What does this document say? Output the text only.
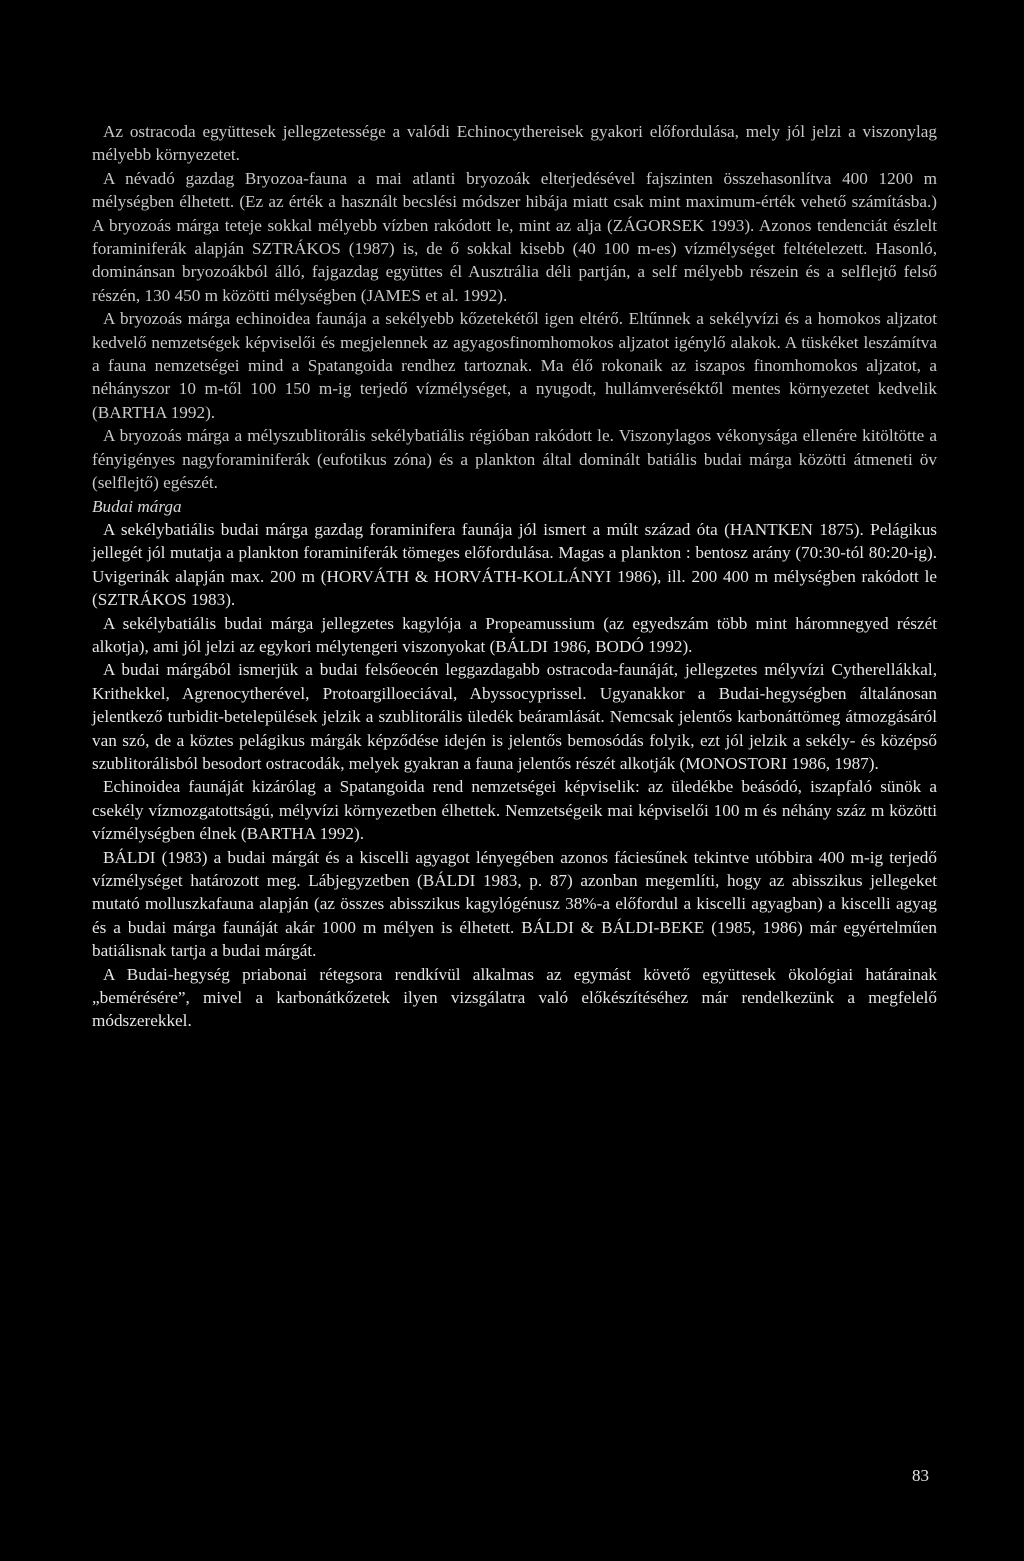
Az ostracoda együttesek jellegzetessége a valódi Echinocythereisek gyakori előfordulása, mely jól jelzi a viszonylag mélyebb környezetet.

A névadó gazdag Bryozoa-fauna a mai atlanti bryozoák elterjedésével fajszinten összehasonlítva 400 1200 m mélységben élhetett. (Ez az érték a használt becslési módszer hibája miatt csak mint maximum-érték vehető számításba.) A bryozoás márga teteje sokkal mélyebb vízben rakódott le, mint az alja (ZÁGORSEK 1993). Azonos tendenciát észlelt foraminiferák alapján SZTRÁKOS (1987) is, de ő sokkal kisebb (40 100 m-es) vízmélységet feltételezett. Hasonló, dominánsan bryozoákból álló, fajgazdag együttes él Ausztrália déli partján, a self mélyebb részein és a selflejtő felső részén, 130 450 m közötti mélységben (JAMES et al. 1992).

A bryozoás márga echinoidea faunája a sekélyebb kőzetekétől igen eltérő. Eltűnnek a sekélyvízi és a homokos aljzatot kedvelő nemzetségek képviselői és megjelennek az agyagosfinomhomokos aljzatot igénylő alakok. A tüskéket leszámítva a fauna nemzetségei mind a Spatangoida rendhez tartoznak. Ma élő rokonaik az iszapos finomhomokos aljzatot, a néhányszor 10 m-től 100 150 m-ig terjedő vízmélységet, a nyugodt, hullámveréséktől mentes környezetet kedvelik (BARTHA 1992).

A bryozoás márga a mélyszublitorális sekélybatiális régióban rakódott le. Viszonylagos vékonysága ellenére kitöltötte a fényigényes nagyforaminiferák (eufotikus zóna) és a plankton által dominált batiális budai márga közötti átmeneti öv (selflejtő) egészét.

Budai márga

A sekélybatiális budai márga gazdag foraminifera faunája jól ismert a múlt század óta (HANTKEN 1875). Pelágikus jellegét jól mutatja a plankton foraminiferák tömeges előfordulása. Magas a plankton : bentosz arány (70:30-tól 80:20-ig). Uvigerinák alapján max. 200 m (HORVÁTH & HORVÁTH-KOLLÁNYI 1986), ill. 200 400 m mélységben rakódott le (SZTRÁKOS 1983).

A sekélybatiális budai márga jellegzetes kagylója a Propeamussium (az egyedszám több mint háromnegyed részét alkotja), ami jól jelzi az egykori mélytengeri viszonyokat (BÁLDI 1986, BODÓ 1992).

A budai márgából ismerjük a budai felsőeocén leggazdagabb ostracoda-faunáját, jellegzetes mélyvízi Cytherellákkal, Krithekkel, Agrenocytherével, Protoargilloeciával, Abyssocyprissel. Ugyanakkor a Budai-hegységben általánosan jelentkező turbidit-betelepülések jelzik a szublitorális üledék beáramlását. Nemcsak jelentős karbonáttömeg átmozgásáról van szó, de a köztes pelágikus márgák képződése idején is jelentős bemosódás folyik, ezt jól jelzik a sekély- és középső szublitorálisból besodort ostracodák, melyek gyakran a fauna jelentős részét alkotják (MONOSTORI 1986, 1987).

Echinoidea faunáját kizárólag a Spatangoida rend nemzetségei képviselik: az üledékbe beásódó, iszapfaló sünök a csekély vízmozgatottságú, mélyvízi környezetben élhettek. Nemzetségeik mai képviselői 100 m és néhány száz m közötti vízmélységben élnek (BARTHA 1992).

BÁLDI (1983) a budai márgát és a kiscelli agyagot lényegében azonos fáciesűnek tekintve utóbbira 400 m-ig terjedő vízmélységet határozott meg. Lábjegyzetben (BÁLDI 1983, p. 87) azonban megemlíti, hogy az abisszikus jellegeket mutató molluszkafauna alapján (az összes abisszikus kagylógénusz 38%-a előfordul a kiscelli agyagban) a kiscelli agyag és a budai márga faunáját akár 1000 m mélyen is élhetett. BÁLDI & BÁLDI-BEKE (1985, 1986) már egyértelműen batiálisnak tartja a budai márgát.

A Budai-hegység priabonai rétegsora rendkívül alkalmas az egymást követő együttesek ökológiai határainak „bemérésére”, mivel a karbonátkőzetek ilyen vizsgálatra való előkészítéséhez már rendelkezünk a megfelelő módszerekkel.

83
